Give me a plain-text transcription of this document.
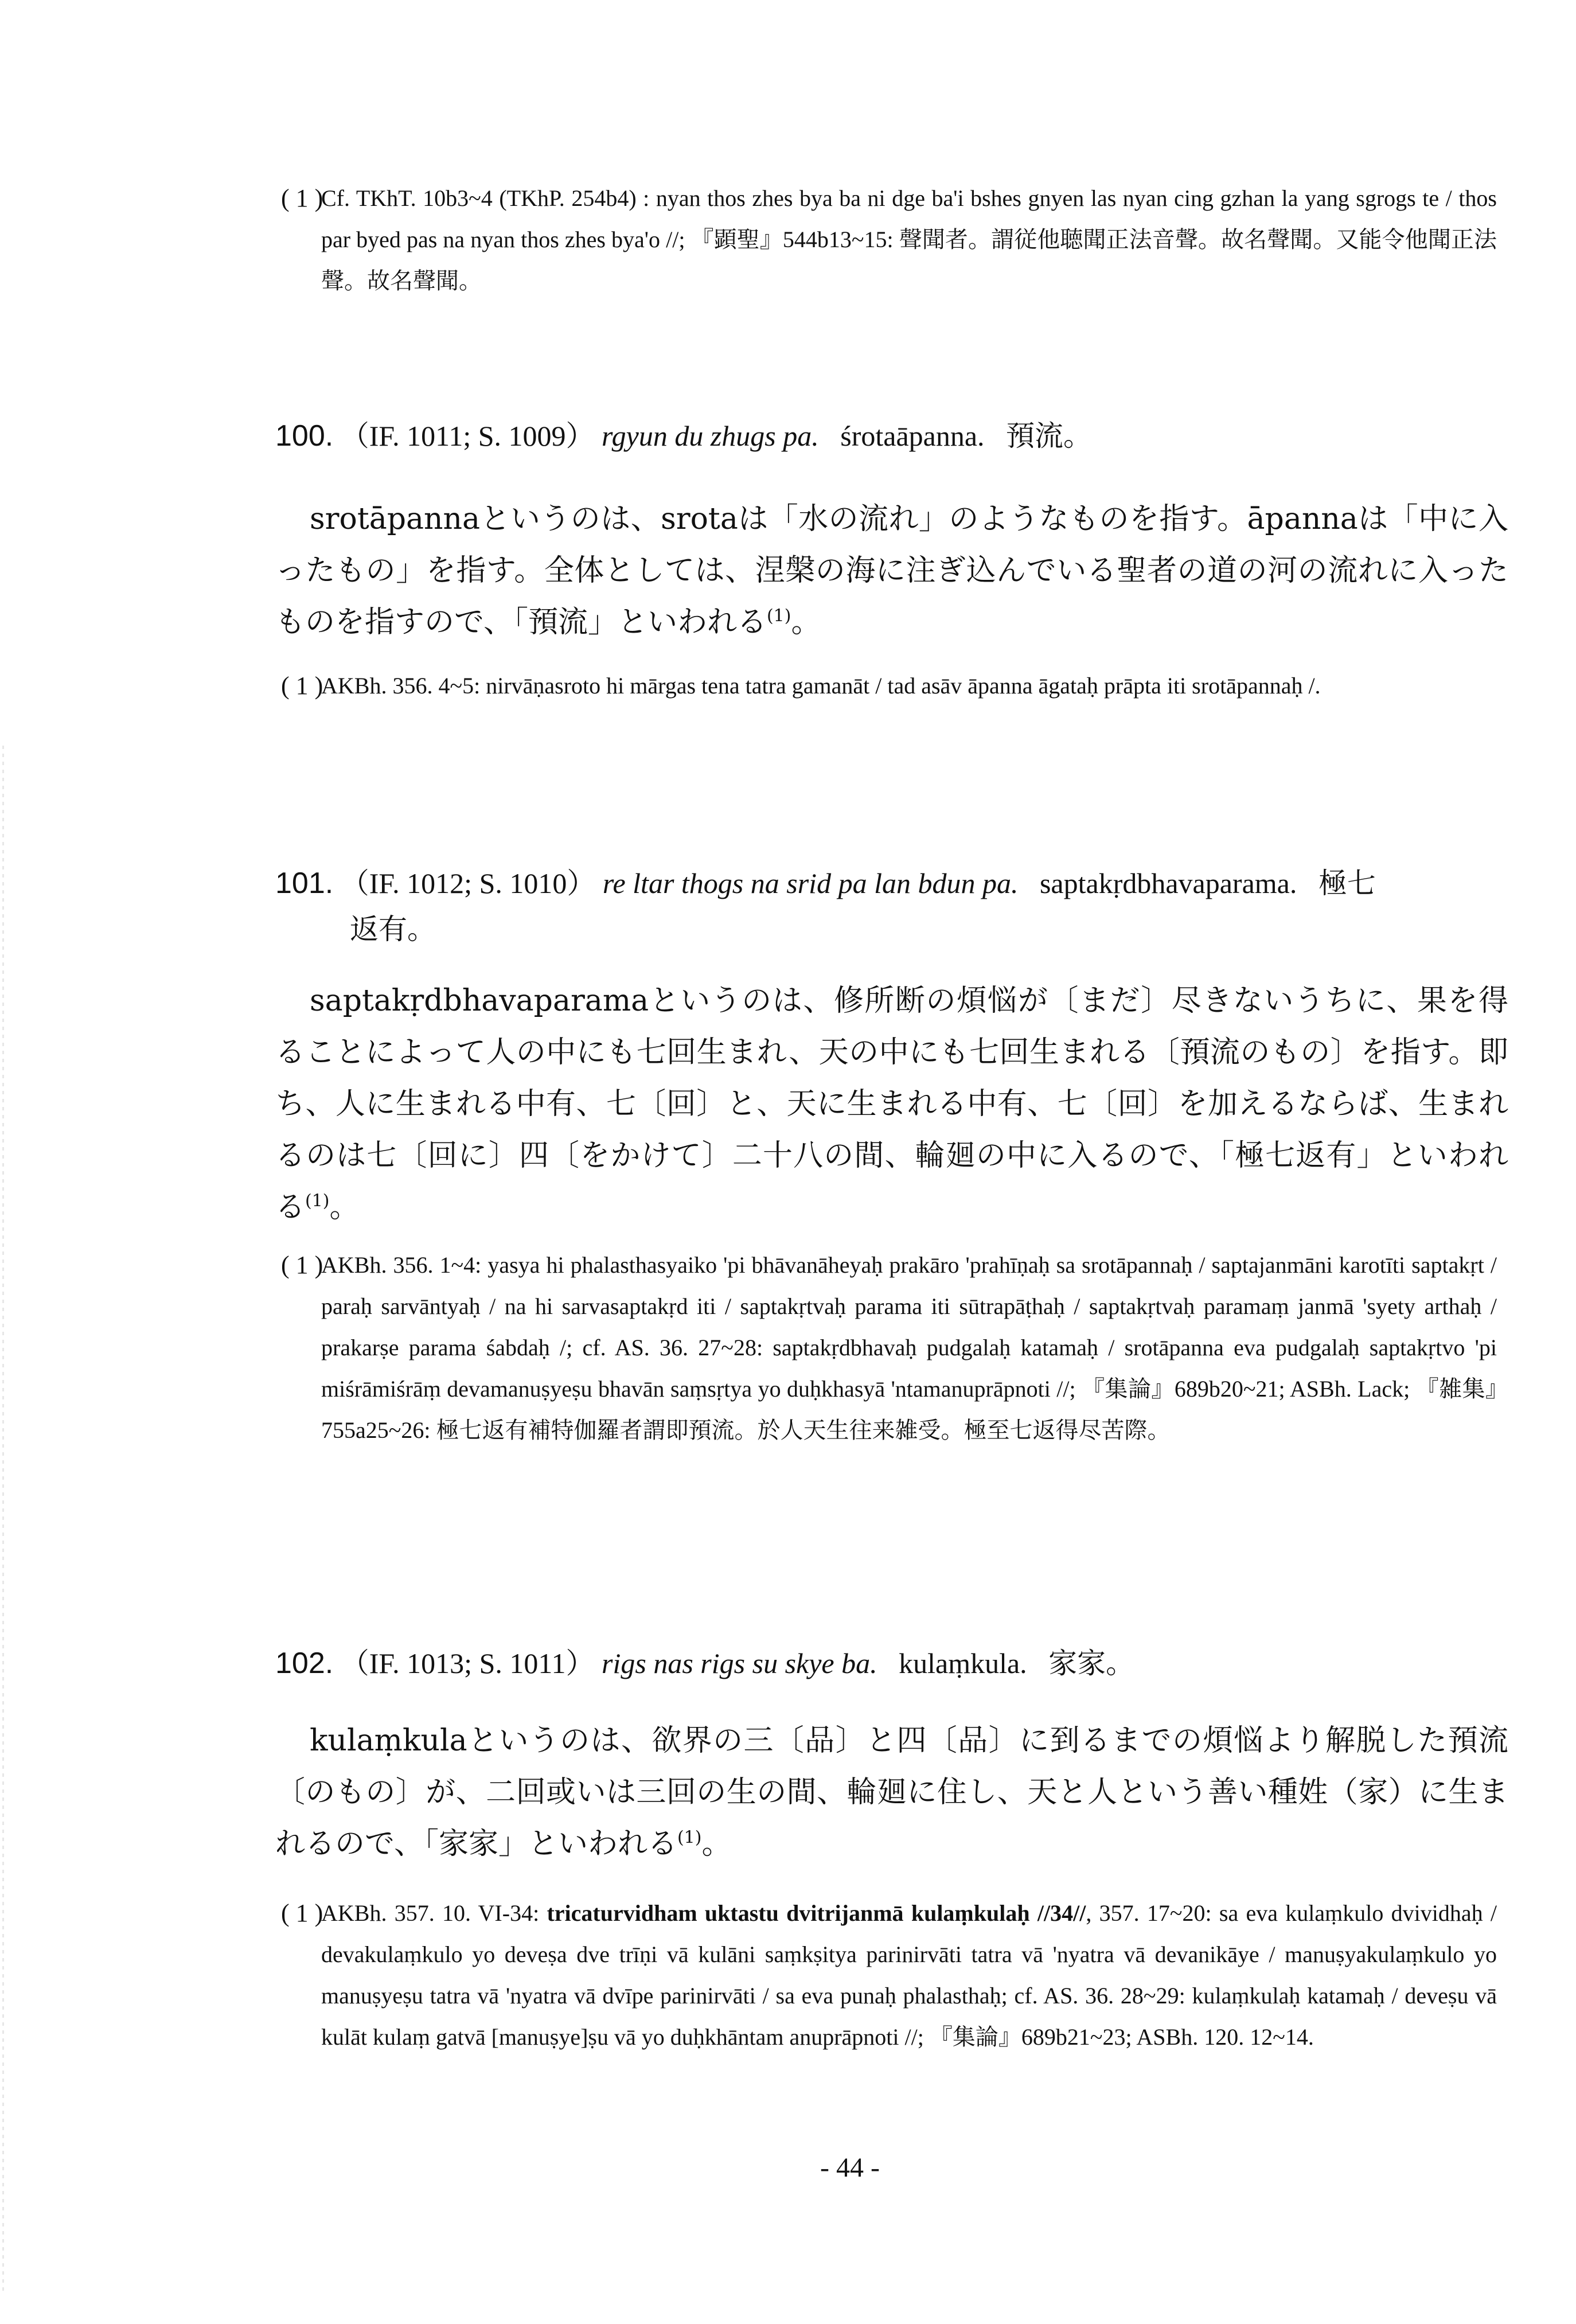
( 1 )

Cf. TKhT. 10b3~4 (TKhP. 254b4) : nyan thos zhes bya ba ni dge ba'i bshes gnyen las nyan cing gzhan la yang sgrogs te / thos par byed pas na nyan thos zhes bya'o //; 『顕聖』544b13~15: 聲聞者。謂従他聴聞正法音聲。故名聲聞。又能令他聞正法聲。故名聲聞。

100. （IF. 1011; S. 1009） rgyun du zhugs pa. śrotaāpanna. 預流。

srotāpannaというのは、srotaは「水の流れ」のようなものを指す。āpannaは「中に入ったもの」を指す。全体としては、涅槃の海に注ぎ込んでいる聖者の道の河の流れに入ったものを指すので、「預流」といわれる$^{(1)}$。

( 1 )

AKBh. 356. 4~5: nirvāṇasroto hi mārgas tena tatra gamanāt / tad asāv āpanna āgataḥ prāpta iti srotāpannaḥ /.

101. （IF. 1012; S. 1010） re ltar thogs na srid pa lan bdun pa. saptakṛdbhavaparama. 極七
返有。

saptakṛdbhavaparamaというのは、修所断の煩悩が〔まだ〕尽きないうちに、果を得ることによって人の中にも七回生まれ、天の中にも七回生まれる〔預流のもの〕を指す。即ち、人に生まれる中有、七〔回〕と、天に生まれる中有、七〔回〕を加えるならば、生まれるのは七〔回に〕四〔をかけて〕二十八の間、輪廻の中に入るので、「極七返有」といわれる$^{(1)}$。

( 1 )

AKBh. 356. 1~4: yasya hi phalasthasyaiko 'pi bhāvanāheyaḥ prakāro 'prahīṇaḥ sa srotāpannaḥ / saptajanmāni karotīti saptakṛt / paraḥ sarvāntyaḥ / na hi sarvasaptakṛd iti / saptakṛtvaḥ parama iti sūtrapāṭhaḥ / saptakṛtvaḥ paramaṃ janmā 'syety arthaḥ / prakarṣe parama śabdaḥ /; cf. AS. 36. 27~28: saptakṛdbhavaḥ pudgalaḥ katamaḥ / srotāpanna eva pudgalaḥ saptakṛtvo 'pi miśrāmiśrāṃ devamanuṣyeṣu bhavān saṃsṛtya yo duḥkhasyā 'ntamanuprāpnoti //; 『集論』689b20~21; ASBh. Lack; 『雑集』755a25~26: 極七返有補特伽羅者謂即預流。於人天生往来雑受。極至七返得尽苦際。

102. （IF. 1013; S. 1011） rigs nas rigs su skye ba. kulaṃkula. 家家。

kulaṃkulaというのは、欲界の三〔品〕と四〔品〕に到るまでの煩悩より解脱した預流〔のもの〕が、二回或いは三回の生の間、輪廻に住し、天と人という善い種姓（家）に生まれるので、「家家」といわれる$^{(1)}$。

( 1 )

AKBh. 357. 10. VI-34: tricaturvidham uktastu dvitrijanmā kulaṃkulaḥ //34//, 357. 17~20: sa eva kulaṃkulo dvividhaḥ / devakulaṃkulo yo deveṣa dve trīṇi vā kulāni saṃkṣitya parinirvāti tatra vā 'nyatra vā devanikāye / manuṣyakulaṃkulo yo manuṣyeṣu tatra vā 'nyatra vā dvīpe parinirvāti / sa eva punaḥ phalasthaḥ; cf. AS. 36. 28~29: kulaṃkulaḥ katamaḥ / deveṣu vā kulāt kulaṃ gatvā [manuṣye]ṣu vā yo duḥkhāntam anuprāpnoti //; 『集論』689b21~23; ASBh. 120. 12~14.

- 44 -
